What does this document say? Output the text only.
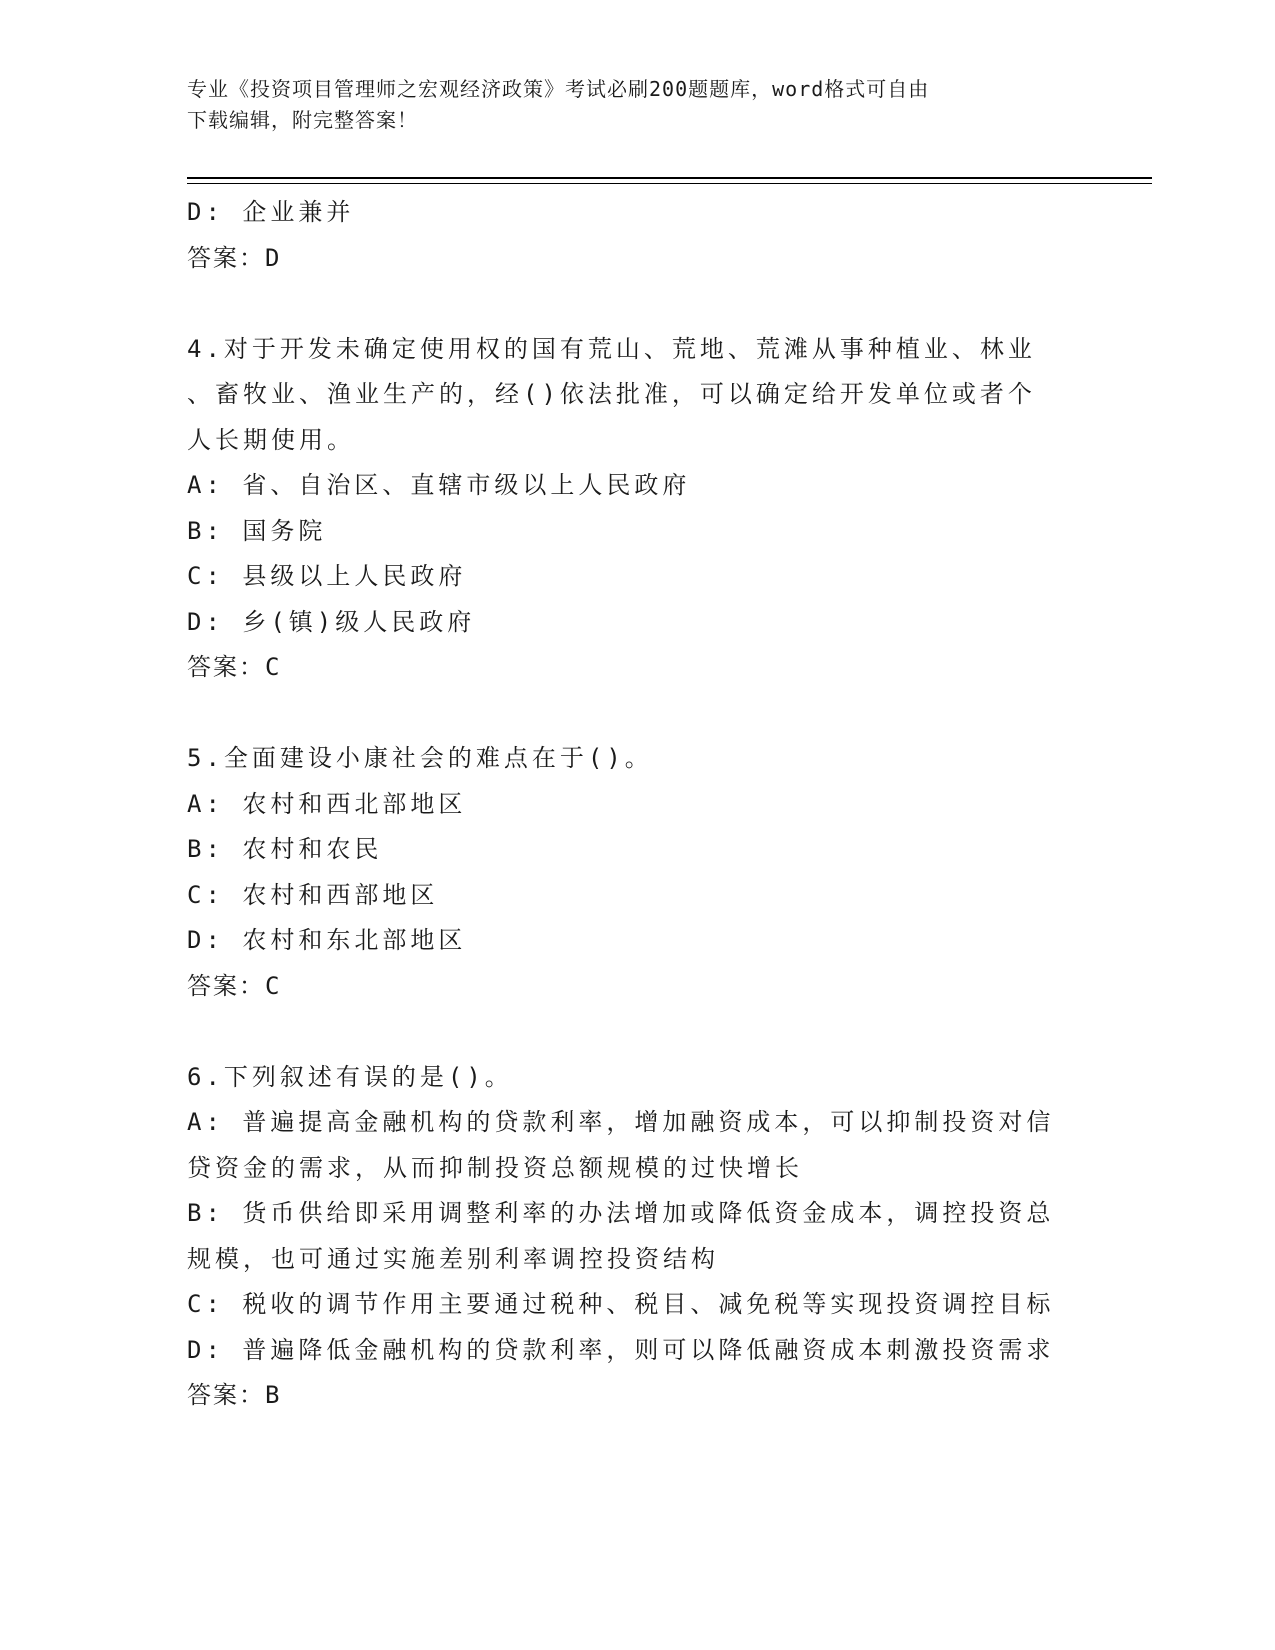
专业《投资项目管理师之宏观经济政策》考试必刷200题题库，word格式可自由
下载编辑，附完整答案！
D: 企业兼并
答案：D
4.对于开发未确定使用权的国有荒山、荒地、荒滩从事种植业、林业
、畜牧业、渔业生产的，经()依法批准，可以确定给开发单位或者个
人长期使用。
A: 省、自治区、直辖市级以上人民政府
B: 国务院
C: 县级以上人民政府
D: 乡(镇)级人民政府
答案：C
5.全面建设小康社会的难点在于()。
A: 农村和西北部地区
B: 农村和农民
C: 农村和西部地区
D: 农村和东北部地区
答案：C
6.下列叙述有误的是()。
A: 普遍提高金融机构的贷款利率，增加融资成本，可以抑制投资对信
贷资金的需求，从而抑制投资总额规模的过快增长
B: 货币供给即采用调整利率的办法增加或降低资金成本，调控投资总
规模，也可通过实施差别利率调控投资结构
C: 税收的调节作用主要通过税种、税目、减免税等实现投资调控目标
D: 普遍降低金融机构的贷款利率，则可以降低融资成本刺激投资需求
答案：B
